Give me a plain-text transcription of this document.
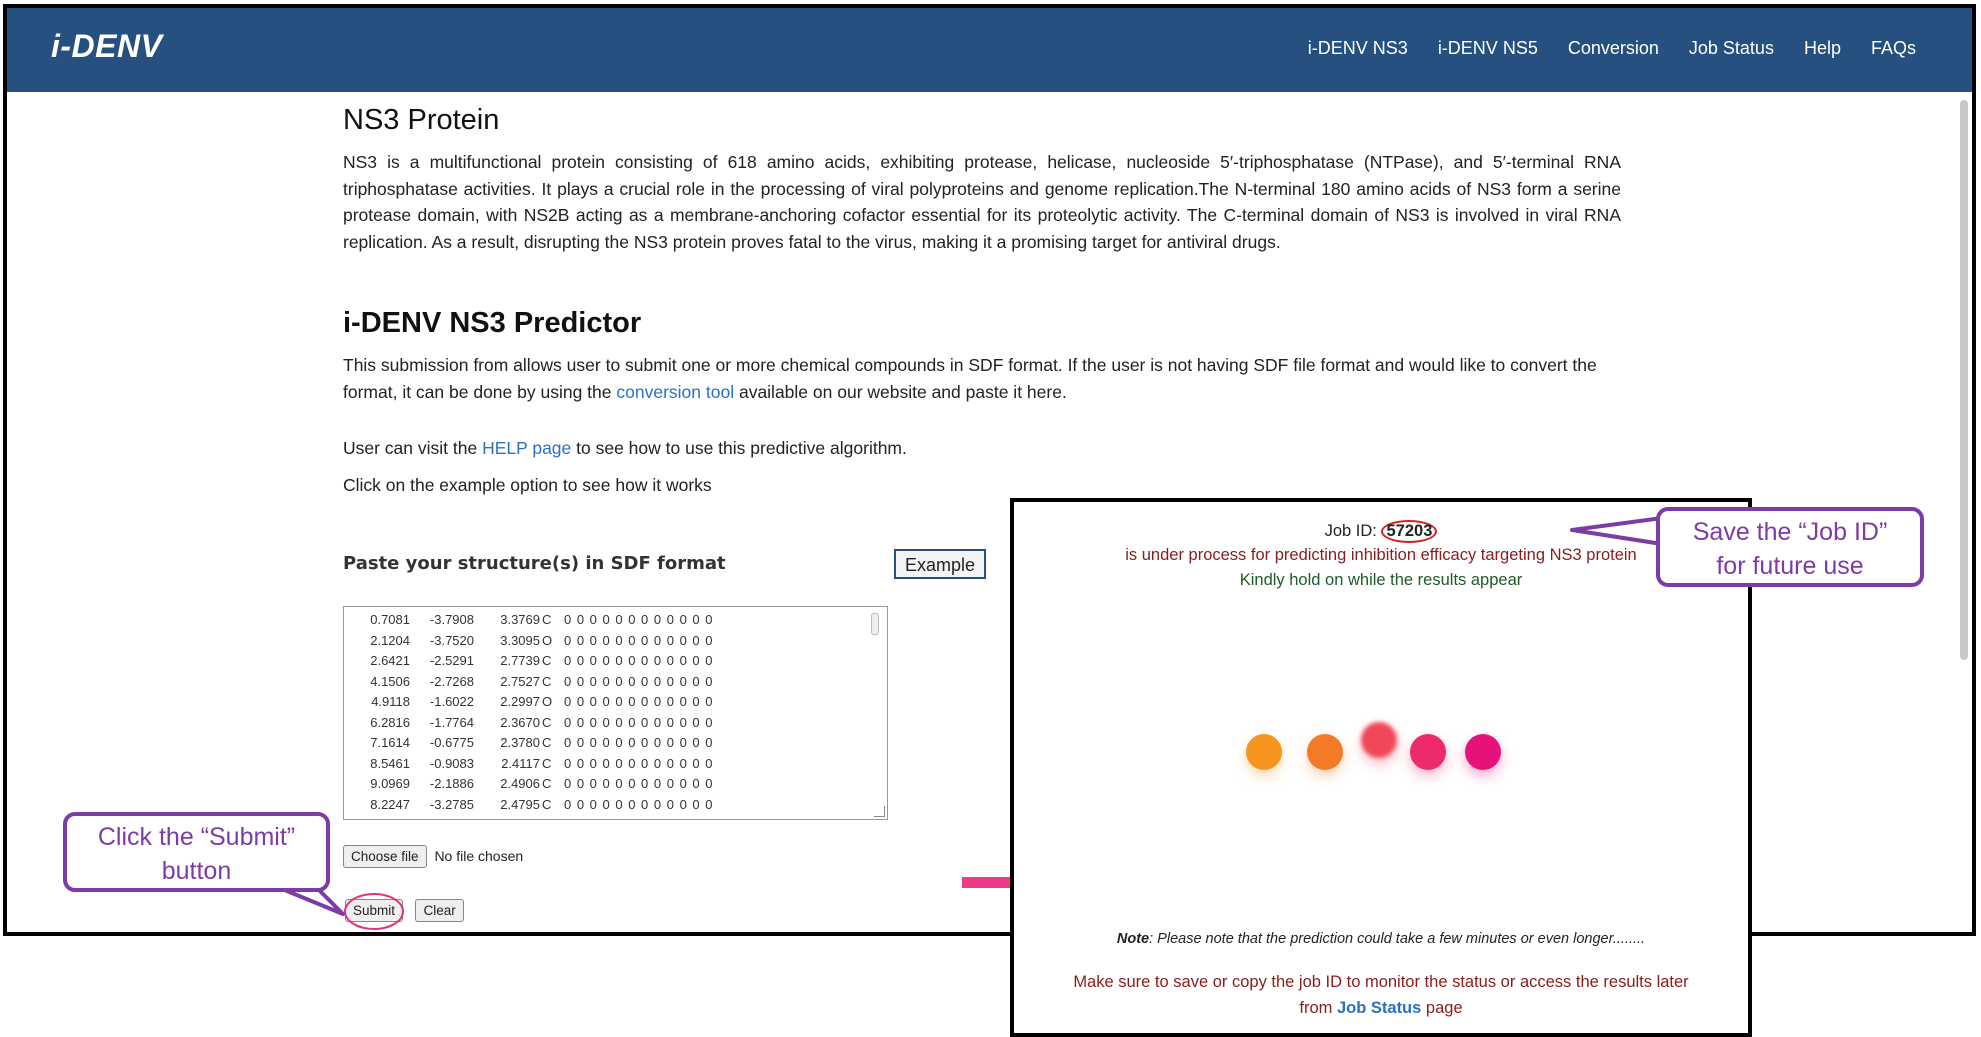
i-DENV	i-DENV NS3 i-DENV NS5 Conversion Job Status Help FAQs
NS3 Protein

NS3 is a multifunctional protein consisting of 618 amino acids, exhibiting protease, helicase, nucleoside 5′-triphosphatase (NTPase), and 5′-terminal RNA triphosphatase activities. It plays a crucial role in the processing of viral polyproteins and genome replication.The N-terminal 180 amino acids of NS3 form a serine protease domain, with NS2B acting as a membrane-anchoring cofactor essential for its proteolytic activity. The C-terminal domain of NS3 is involved in viral RNA replication. As a result, disrupting the NS3 protein proves fatal to the virus, making it a promising target for antiviral drugs.

i-DENV NS3 Predictor

This submission from allows user to submit one or more chemical compounds in SDF format. If the user is not having SDF file format and would like to convert the format, it can be done by using the conversion tool available on our website and paste it here.

User can visit the HELP page to see how to use this predictive algorithm.

Click on the example option to see how it works

Paste your structure(s) in SDF format	Example
0.7081 -3.7908 3.3769 C 0 0 0 0 0 0 0 0 0 0 0 0
2.1204 -3.7520 3.3095 O 0 0 0 0 0 0 0 0 0 0 0 0
2.6421 -2.5291 2.7739 C 0 0 0 0 0 0 0 0 0 0 0 0
4.1506 -2.7268 2.7527 C 0 0 0 0 0 0 0 0 0 0 0 0
4.9118 -1.6022 2.2997 O 0 0 0 0 0 0 0 0 0 0 0 0
6.2816 -1.7764 2.3670 C 0 0 0 0 0 0 0 0 0 0 0 0
7.1614 -0.6775 2.3780 C 0 0 0 0 0 0 0 0 0 0 0 0
8.5461 -0.9083 2.4117 C 0 0 0 0 0 0 0 0 0 0 0 0
9.0969 -2.1886 2.4906 C 0 0 0 0 0 0 0 0 0 0 0 0
8.2247 -3.2785 2.4795 C 0 0 0 0 0 0 0 0 0 0 0 0
Choose file No file chosen
Submit Clear
Click the “Submit”
button
Job ID: 57203
is under process for predicting inhibition efficacy targeting NS3 protein
Kindly hold on while the results appear
Note: Please note that the prediction could take a few minutes or even longer........
Make sure to save or copy the job ID to monitor the status or access the results later
from Job Status page
Save the “Job ID”
for future use
